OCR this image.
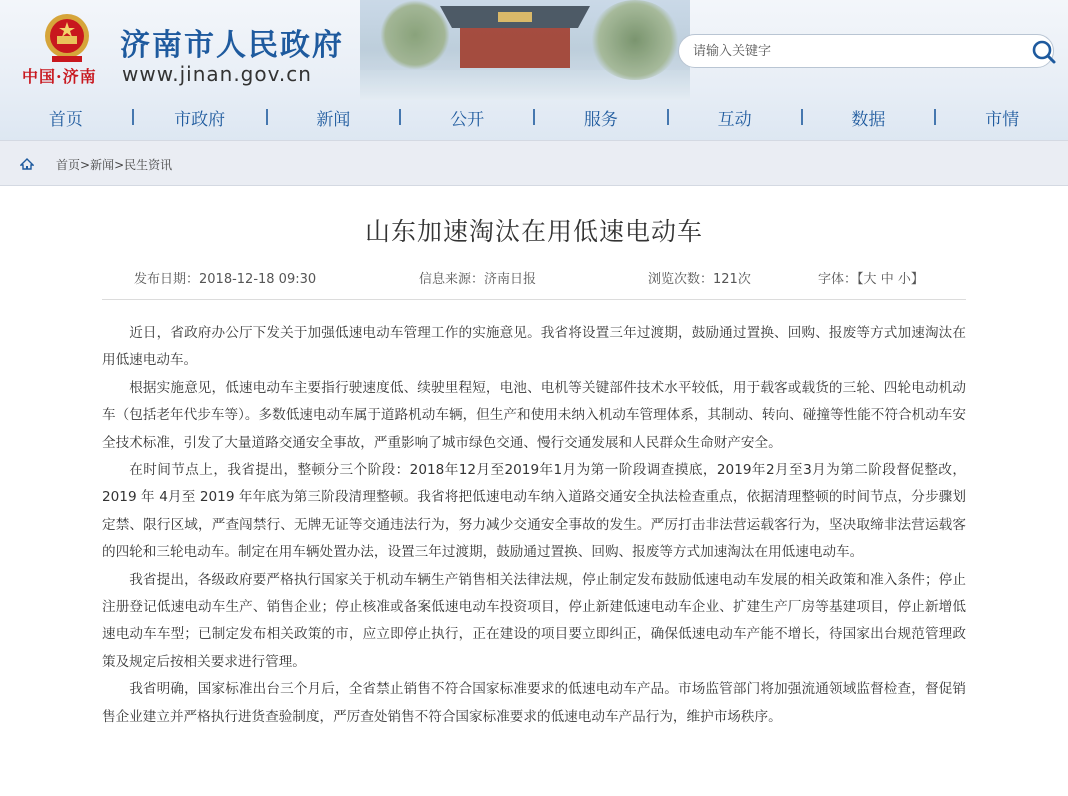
中国·济南
济南市人民政府
www.jinan.gov.cn
请输入关键字
首页	市政府	新闻	公开	服务	互动	数据	市情
首页>新闻>民生资讯
山东加速淘汰在用低速电动车
发布日期：2018-12-18 09:30	信息来源：济南日报	浏览次数：121次	字体：【大 中 小】

近日，省政府办公厅下发关于加强低速电动车管理工作的实施意见。我省将设置三年过渡期，鼓励通过置换、回购、报废等方式加速淘汰在用低速电动车。

根据实施意见，低速电动车主要指行驶速度低、续驶里程短，电池、电机等关键部件技术水平较低，用于载客或载货的三轮、四轮电动机动车（包括老年代步车等）。多数低速电动车属于道路机动车辆，但生产和使用未纳入机动车管理体系，其制动、转向、碰撞等性能不符合机动车安全技术标准，引发了大量道路交通安全事故，严重影响了城市绿色交通、慢行交通发展和人民群众生命财产安全。

在时间节点上，我省提出，整顿分三个阶段：2018年12月至2019年1月为第一阶段调查摸底，2019年2月至3月为第二阶段督促整改，2019 年 4月至 2019 年年底为第三阶段清理整顿。我省将把低速电动车纳入道路交通安全执法检查重点，依据清理整顿的时间节点，分步骤划定禁、限行区域，严查闯禁行、无牌无证等交通违法行为，努力减少交通安全事故的发生。严厉打击非法营运载客行为，坚决取缔非法营运载客的四轮和三轮电动车。制定在用车辆处置办法，设置三年过渡期，鼓励通过置换、回购、报废等方式加速淘汰在用低速电动车。

我省提出，各级政府要严格执行国家关于机动车辆生产销售相关法律法规，停止制定发布鼓励低速电动车发展的相关政策和准入条件；停止注册登记低速电动车生产、销售企业；停止核准或备案低速电动车投资项目，停止新建低速电动车企业、扩建生产厂房等基建项目，停止新增低速电动车车型；已制定发布相关政策的市，应立即停止执行，正在建设的项目要立即纠正，确保低速电动车产能不增长，待国家出台规范管理政策及规定后按相关要求进行管理。

我省明确，国家标准出台三个月后，全省禁止销售不符合国家标准要求的低速电动车产品。市场监管部门将加强流通领域监督检查，督促销售企业建立并严格执行进货查验制度，严厉查处销售不符合国家标准要求的低速电动车产品行为，维护市场秩序。
